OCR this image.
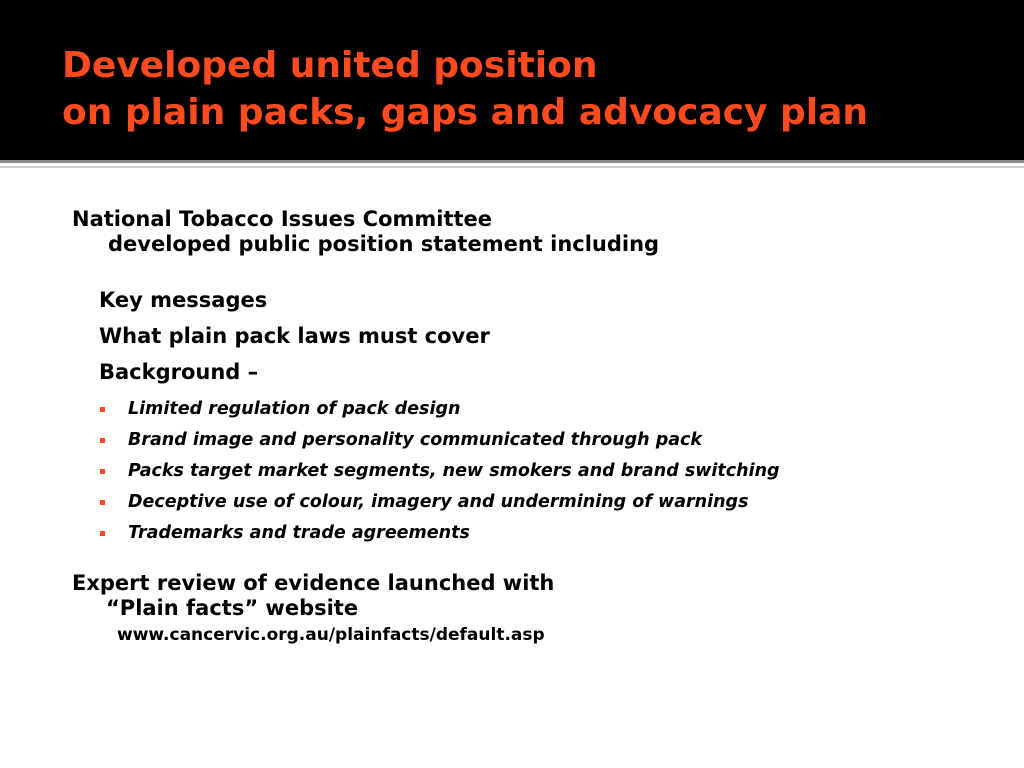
Developed united position
on plain packs, gaps and advocacy plan

National Tobacco Issues Committee

developed public position statement including

Key messages

What plain pack laws must cover

Background –

Limited regulation of pack design
Brand image and personality communicated through pack
Packs target market segments, new smokers and brand switching
Deceptive use of colour, imagery and undermining of warnings
Trademarks and trade agreements

Expert review of evidence launched with

“Plain facts” website

www.cancervic.org.au/plainfacts/default.asp
